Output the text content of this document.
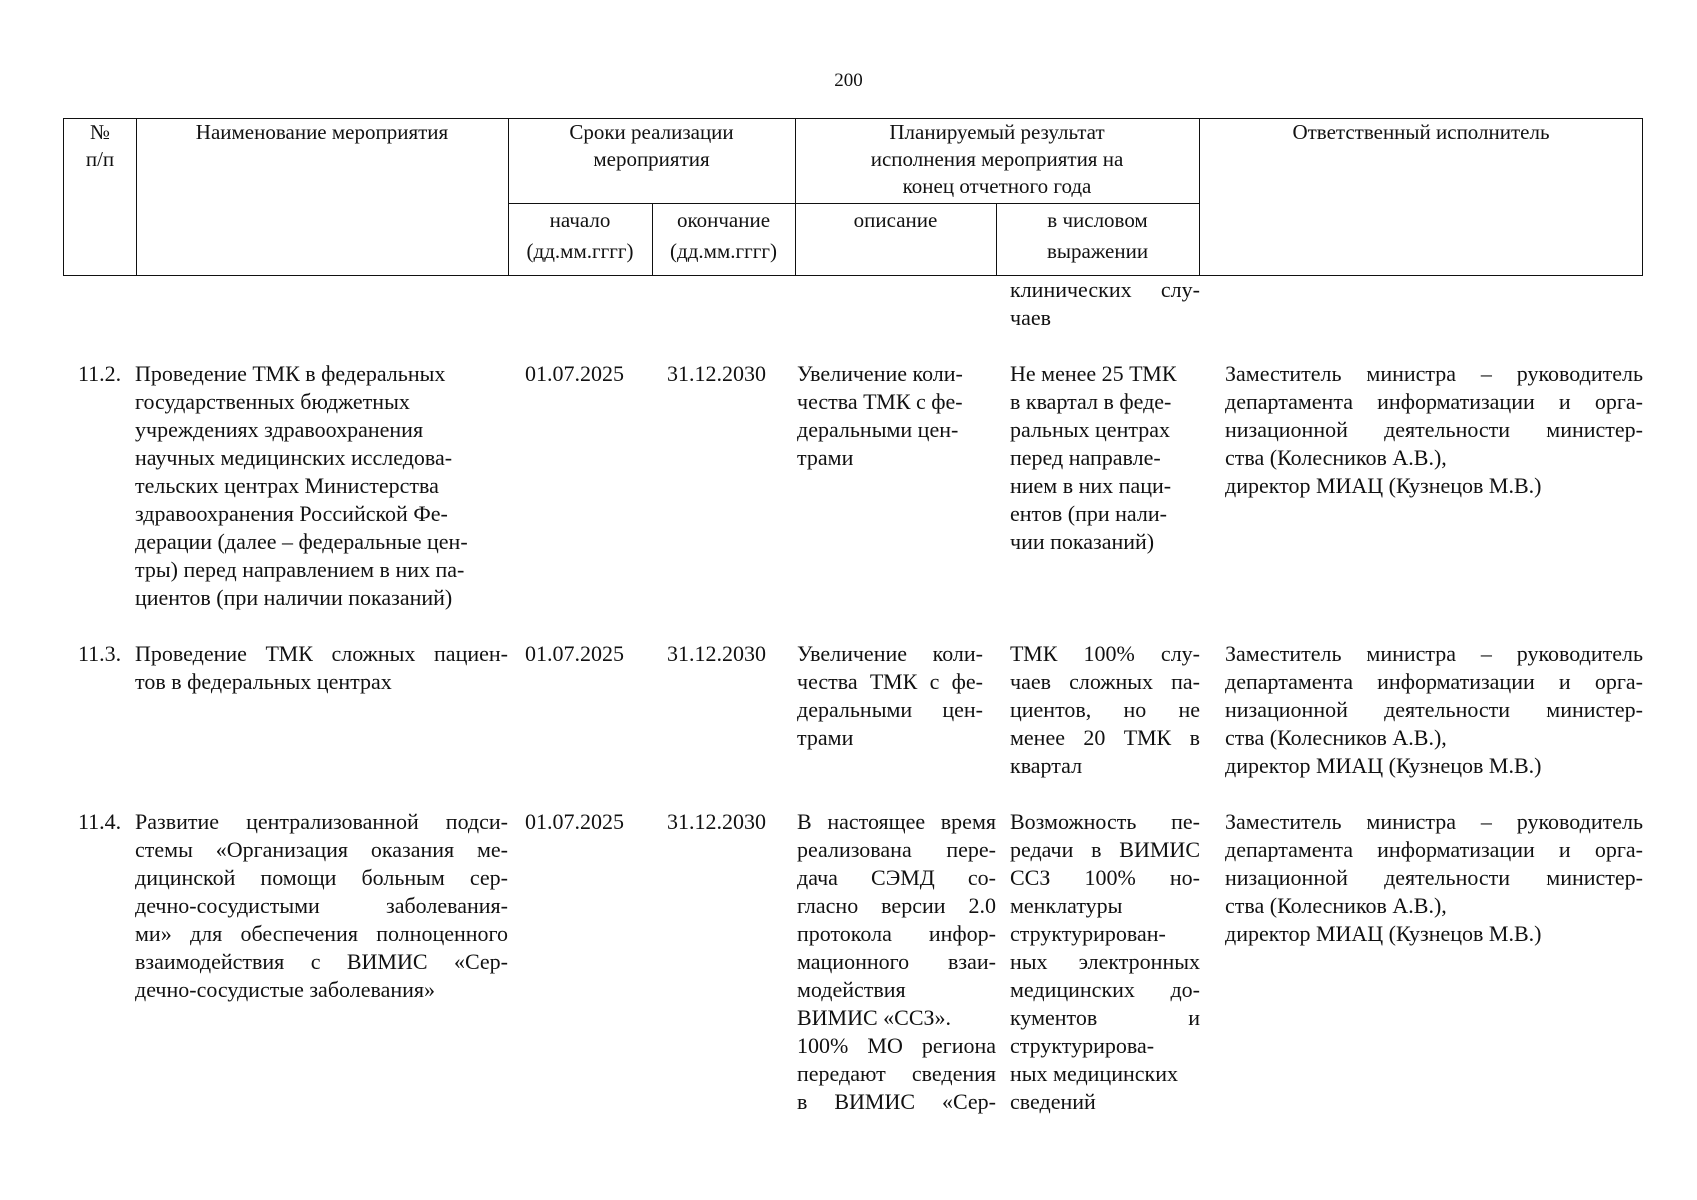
200
№
п/п
Наименование мероприятия	Сроки реализации
мероприятия
начало
(дд.мм.гггг)
окончание
(дд.мм.гггг)
Планируемый результат
исполнения мероприятия на
конец отчетного года
описание	в числовом
выражении
Ответственный исполнитель
клинических слу-
чаев
11.2. Проведение ТМК в федеральных
государственных бюджетных
учреждениях здравоохранения
научных медицинских исследова-
тельских центрах Министерства
здравоохранения Российской Фе-
дерации (далее – федеральные цен-
тры) перед направлением в них па-
циентов (при наличии показаний)
01.07.2025 31.12.2030 Увеличение коли-
чества ТМК с фе-
деральными цен-
трами
Не менее 25 ТМК
в квартал в феде-
ральных центрах
перед направле-
нием в них паци-
ентов (при нали-
чии показаний)
Заместитель министра – руководитель
департамента информатизации и орга-
низационной деятельности министер-
ства (Колесников А.В.),
директор МИАЦ (Кузнецов М.В.)
11.3. Проведение ТМК сложных пациен-
тов в федеральных центрах
01.07.2025 31.12.2030 Увеличение коли-
чества ТМК с фе-
деральными цен-
трами
ТМК 100% слу-
чаев сложных па-
циентов, но не
менее 20 ТМК в
квартал
Заместитель министра – руководитель
департамента информатизации и орга-
низационной деятельности министер-
ства (Колесников А.В.),
директор МИАЦ (Кузнецов М.В.)
11.4. Развитие централизованной подси-
стемы «Организация оказания ме-
дицинской помощи больным сер-
дечно-сосудистыми заболевания-
ми» для обеспечения полноценного
взаимодействия с ВИМИС «Сер-
дечно-сосудистые заболевания»
01.07.2025 31.12.2030 В настоящее время
реализована пере-
дача СЭМД со-
гласно версии 2.0
протокола инфор-
мационного взаи-
модействия
ВИМИС «ССЗ».
100% МО региона
передают сведения
в ВИМИС «Сер-
Возможность пе-
редачи в ВИМИС
ССЗ 100% но-
менклатуры
структурирован-
ных электронных
медицинских до-
кументов и
структурирова-
ных медицинских
сведений
Заместитель министра – руководитель
департамента информатизации и орга-
низационной деятельности министер-
ства (Колесников А.В.),
директор МИАЦ (Кузнецов М.В.)
